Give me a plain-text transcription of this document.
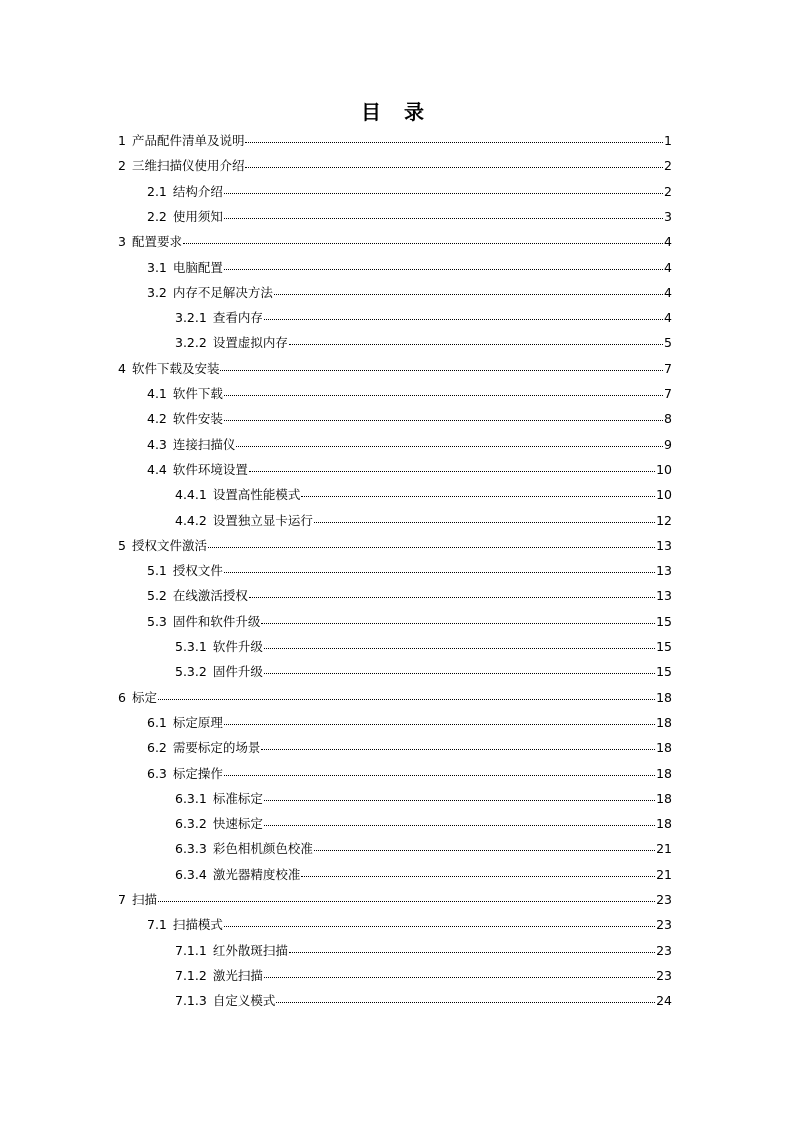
目 录
1 产品配件清单及说明	1
2 三维扫描仪使用介绍	2
2.1 结构介绍	2
2.2 使用须知	3
3 配置要求	4
3.1 电脑配置	4
3.2 内存不足解决方法	4
3.2.1 查看内存	4
3.2.2 设置虚拟内存	5
4 软件下载及安装	7
4.1 软件下载	7
4.2 软件安装	8
4.3 连接扫描仪	9
4.4 软件环境设置	10
4.4.1 设置高性能模式	10
4.4.2 设置独立显卡运行	12
5 授权文件激活	13
5.1 授权文件	13
5.2 在线激活授权	13
5.3 固件和软件升级	15
5.3.1 软件升级	15
5.3.2 固件升级	15
6 标定	18
6.1 标定原理	18
6.2 需要标定的场景	18
6.3 标定操作	18
6.3.1 标准标定	18
6.3.2 快速标定	18
6.3.3 彩色相机颜色校准	21
6.3.4 激光器精度校准	21
7 扫描	23
7.1 扫描模式	23
7.1.1 红外散斑扫描	23
7.1.2 激光扫描	23
7.1.3 自定义模式	24
